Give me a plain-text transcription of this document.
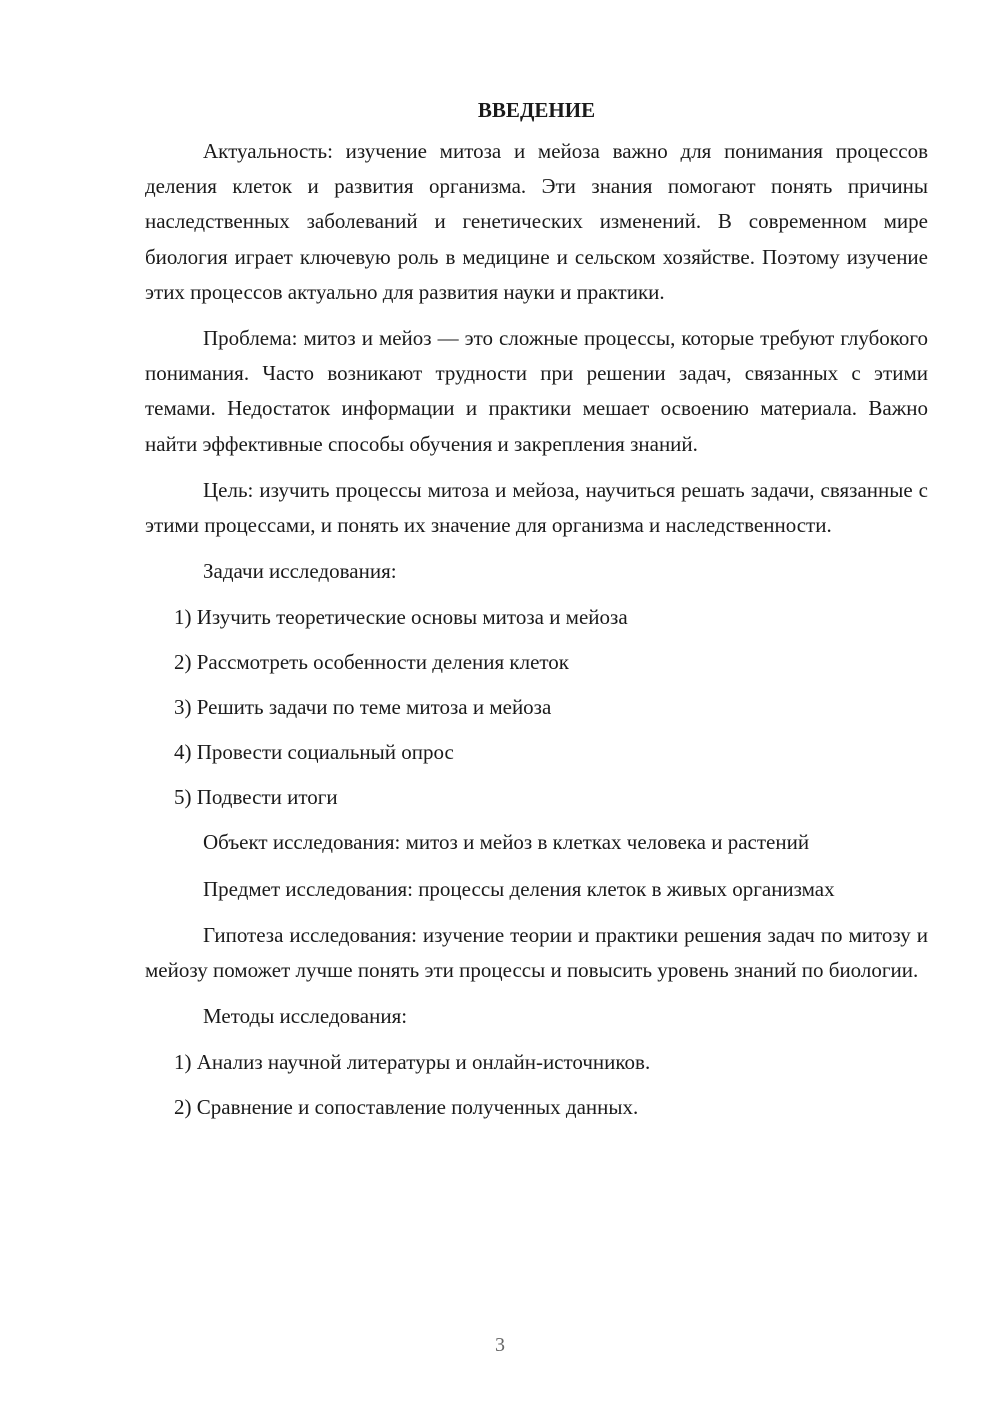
ВВЕДЕНИЕ

Актуальность: изучение митоза и мейоза важно для понимания процессов деления клеток и развития организма. Эти знания помогают понять причины наследственных заболеваний и генетических изменений. В современном мире биология играет ключевую роль в медицине и сельском хозяйстве. Поэтому изучение этих процессов актуально для развития науки и практики.

Проблема: митоз и мейоз — это сложные процессы, которые требуют глубокого понимания. Часто возникают трудности при решении задач, связанных с этими темами. Недостаток информации и практики мешает освоению материала. Важно найти эффективные способы обучения и закрепления знаний.

Цель: изучить процессы митоза и мейоза, научиться решать задачи, связанные с этими процессами, и понять их значение для организма и наследственности.

Задачи исследования:

1) Изучить теоретические основы митоза и мейоза
2) Рассмотреть особенности деления клеток
3) Решить задачи по теме митоза и мейоза
4) Провести социальный опрос
5) Подвести итоги

Объект исследования: митоз и мейоз в клетках человека и растений

Предмет исследования: процессы деления клеток в живых организмах

Гипотеза исследования: изучение теории и практики решения задач по митозу и мейозу поможет лучше понять эти процессы и повысить уровень знаний по биологии.

Методы исследования:

1) Анализ научной литературы и онлайн-источников.
2) Сравнение и сопоставление полученных данных.

3
